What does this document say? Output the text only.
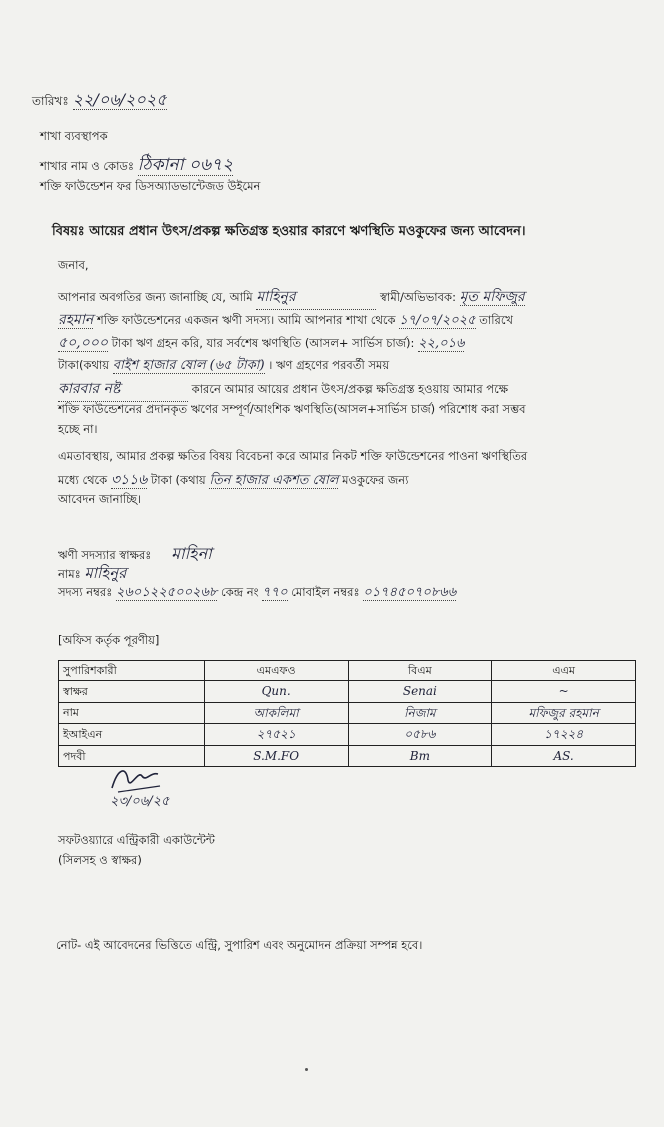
তারিখঃ ২২/০৬/২০২৫
শাখা ব্যবস্থাপক
শাখার নাম ও কোডঃ ঠিকানা ০৬৭২
শক্তি ফাউন্ডেশন ফর ডিসঅ্যাডভান্টেজড উইমেন
বিষয়ঃ আয়ের প্রধান উৎস/প্রকল্প ক্ষতিগ্রস্ত হওয়ার কারণে ঋণস্থিতি মওকুফের জন্য আবেদন।
জনাব,
আপনার অবগতির জন্য জানাচ্ছি যে, আমি মাহিনুর	স্বামী/অভিভাবক: মৃত মফিজুর
রহমান শক্তি ফাউন্ডেশনের একজন ঋণী সদস্য। আমি আপনার শাখা থেকে ১৭/০৭/২০২৫ তারিখে
৫০,০০০ টাকা ঋণ গ্রহন করি, যার সর্বশেষ ঋণস্থিতি (আসল+ সার্ভিস চার্জ): ২২,০১৬
টাকা(কথায় বাইশ হাজার ষোল (৬৫ টাকা) । ঋণ গ্রহণের পরবর্তী সময়
কারবার নষ্ট	কারনে আমার আয়ের প্রধান উৎস/প্রকল্প ক্ষতিগ্রস্ত হওয়ায় আমার পক্ষে
শক্তি ফাউন্ডেশনের প্রদানকৃত ঋণের সম্পূর্ণ/আংশিক ঋণস্থিতি(আসল+সার্ভিস চার্জ) পরিশোধ করা সম্ভব
হচ্ছে না।
এমতাবস্থায়, আমার প্রকল্প ক্ষতির বিষয় বিবেচনা করে আমার নিকট শক্তি ফাউন্ডেশনের পাওনা ঋণস্থিতির
মধ্যে থেকে ৩১১৬ টাকা (কথায় তিন হাজার একশত ষোল মওকুফের জন্য
আবেদন জানাচ্ছি।
ঋণী সদস্যার স্বাক্ষরঃ মাহিনা
নামঃ মাহিনুর
সদস্য নম্বরঃ ২৬০১২২৫০০২৬৮ কেন্দ্র নং ৭৭০ মোবাইল নম্বরঃ ০১৭৪৫০৭০৮৬৬
[অফিস কর্তৃক পূরণীয়]
সুপারিশকারী	এমএফও	বিএম	এএম
স্বাক্ষর	Qun.	Senai	~
নাম	আকলিমা	নিজাম	মফিজুর রহমান
ইআইএন	২৭৫২১	০৫৮৬	১৭২২৪
পদবী	S.M.FO	Bm	AS.
২৩/০৬/২৫
সফটওয়্যারে এন্ট্রিকারী একাউন্টেন্ট
(সিলসহ ও স্বাক্ষর)
নোট- এই আবেদনের ভিত্তিতে এন্ট্রি, সুপারিশ এবং অনুমোদন প্রক্রিয়া সম্পন্ন হবে।
